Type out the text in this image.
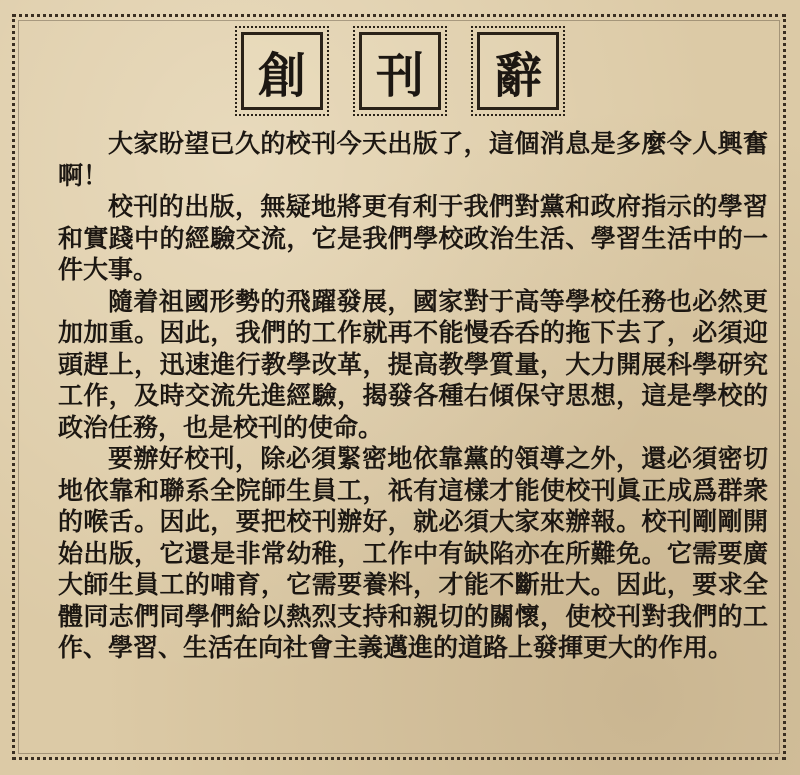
創 刊 辭

大家盼望已久的校刊今天出版了，這個消息是多麼令人興奮啊！

校刊的出版，無疑地將更有利于我們對黨和政府指示的學習和實踐中的經驗交流，它是我們學校政治生活、學習生活中的一件大事。

隨着祖國形勢的飛躍發展，國家對于高等學校任務也必然更加加重。因此，我們的工作就再不能慢呑呑的拖下去了，必須迎頭趕上，迅速進行教學改革，提高教學質量，大力開展科學研究工作，及時交流先進經驗，揭發各種右傾保守思想，這是學校的政治任務，也是校刊的使命。

要辦好校刊，除必須緊密地依靠黨的領導之外，還必須密切地依靠和聯系全院師生員工，祇有這樣才能使校刊眞正成爲群衆的喉舌。因此，要把校刊辦好，就必須大家來辦報。校刊剛剛開始出版，它還是非常幼稚，工作中有缺陷亦在所難免。它需要廣大師生員工的哺育，它需要養料，才能不斷壯大。因此，要求全體同志們同學們給以熱烈支持和親切的關懷，使校刊對我們的工作、學習、生活在向社會主義邁進的道路上發揮更大的作用。
